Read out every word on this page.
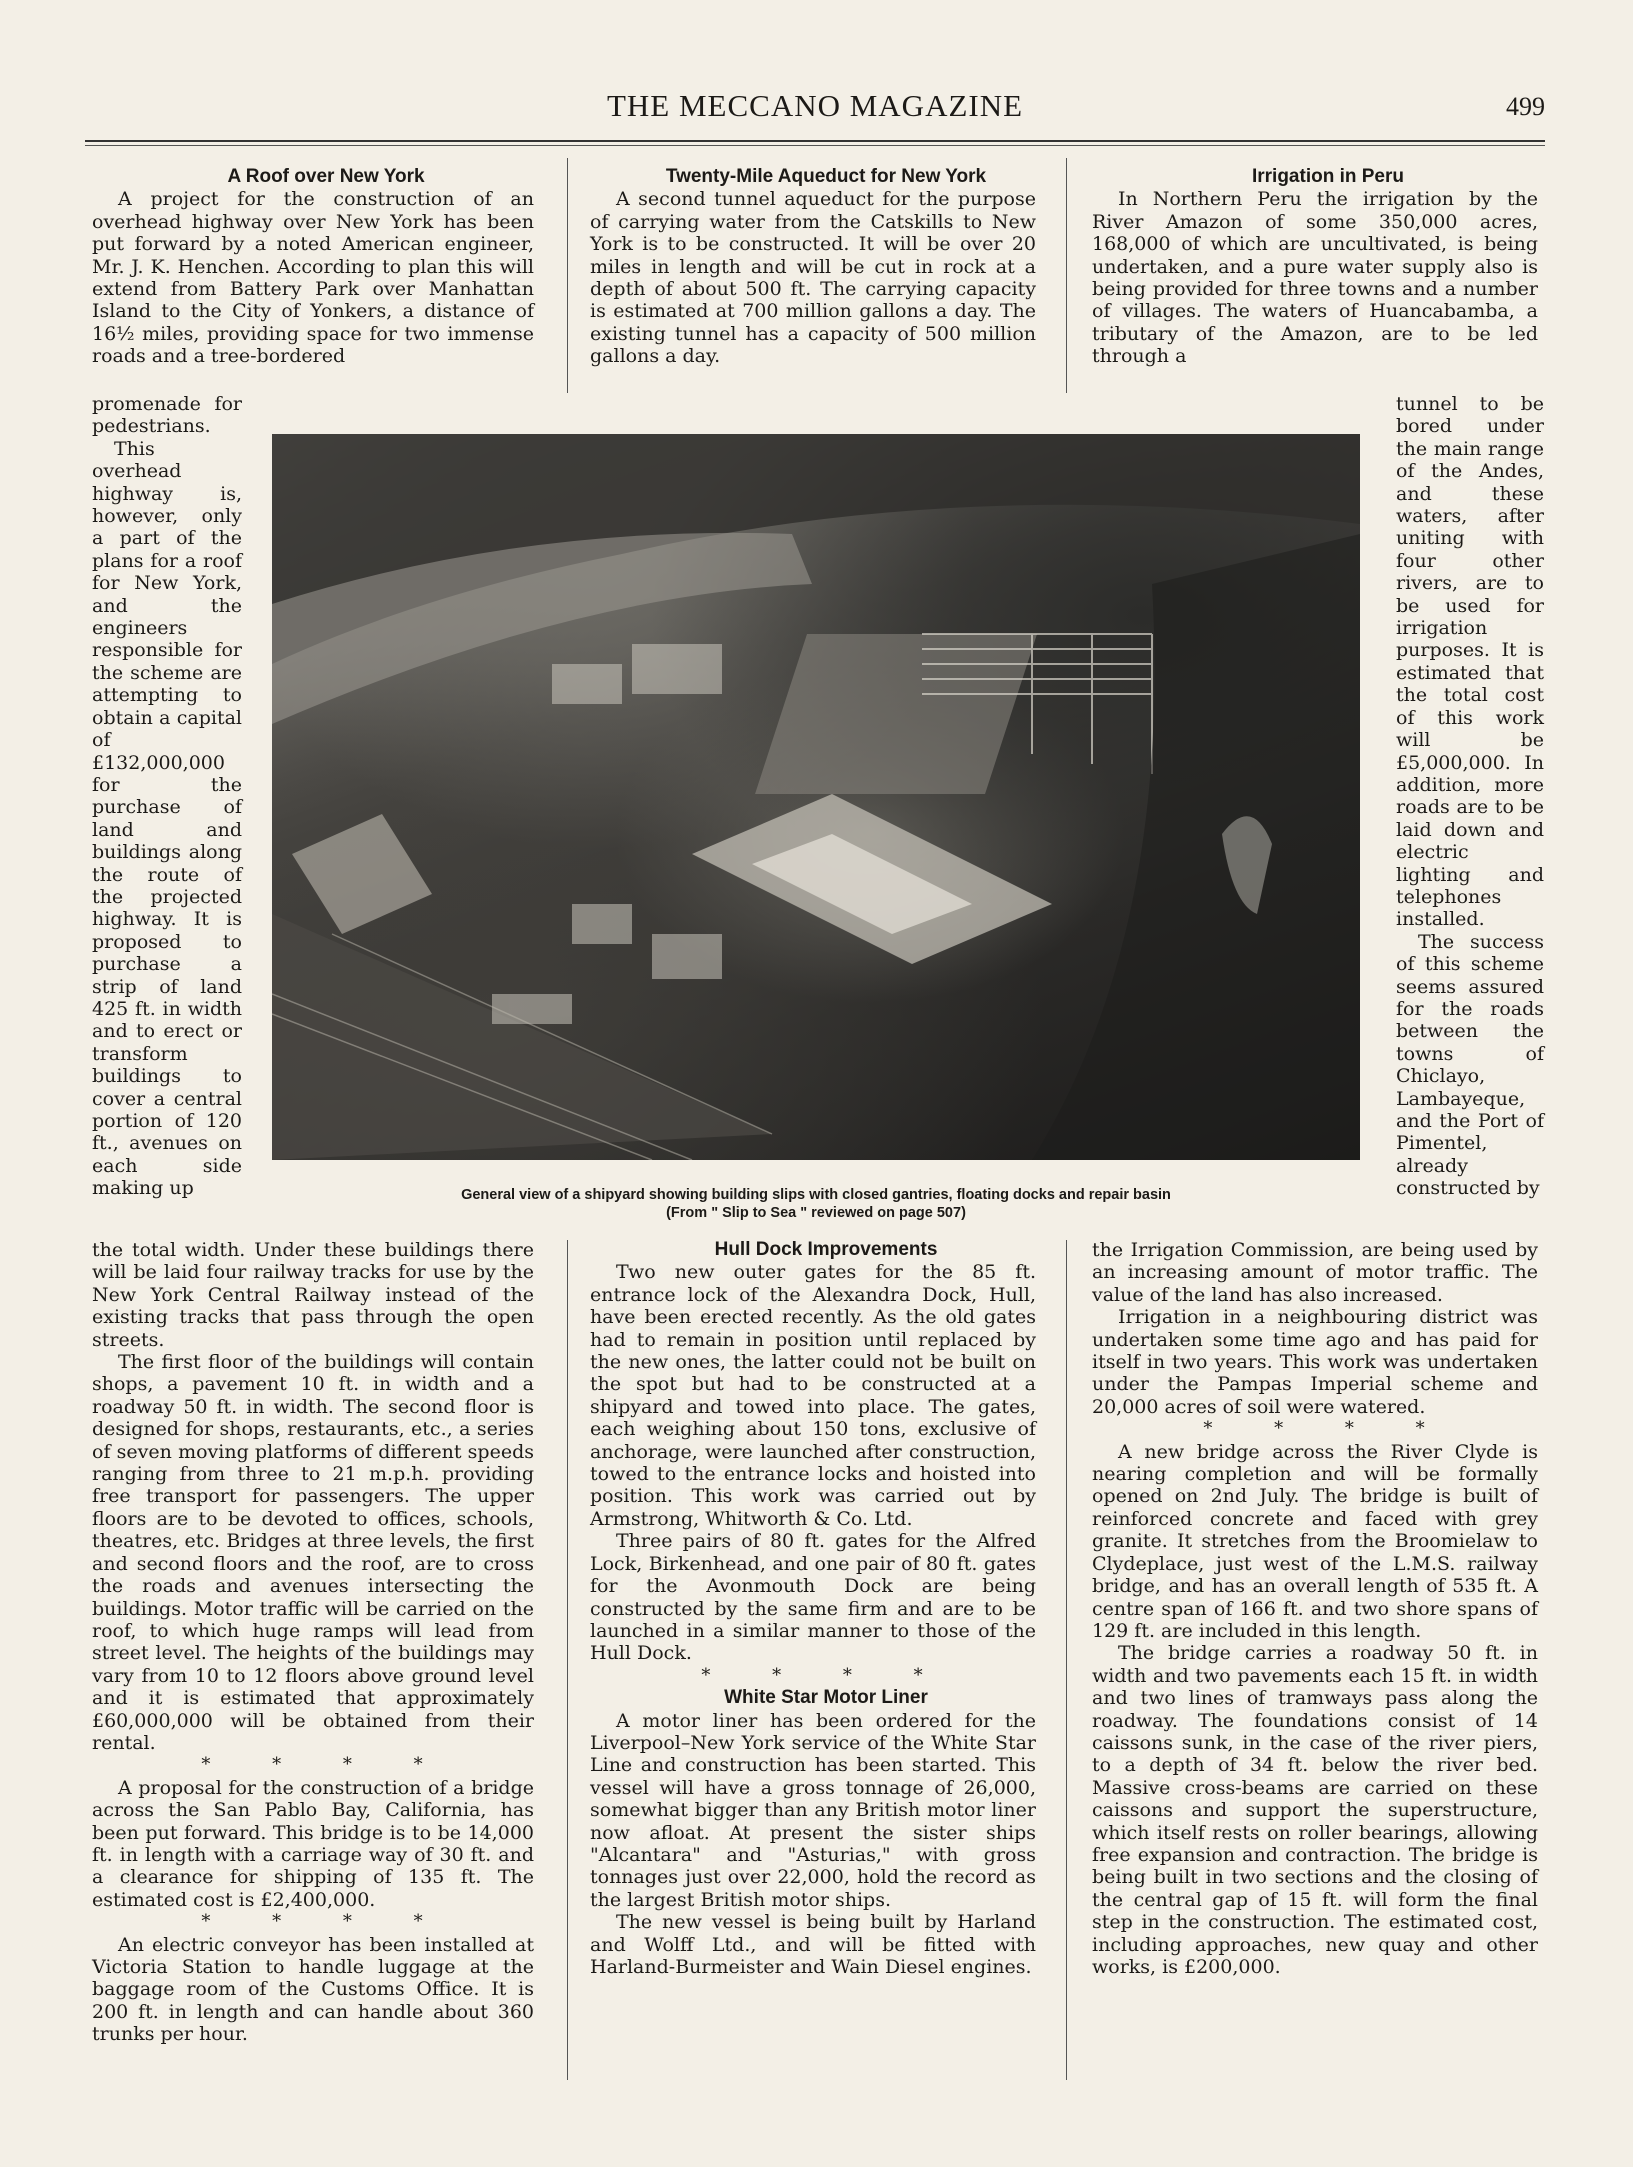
THE MECCANO MAGAZINE	499

A Roof over New York

A project for the construction of an overhead highway over New York has been put forward by a noted American engineer, Mr. J. K. Henchen. According to plan this will extend from Battery Park over Manhattan Island to the City of Yonkers, a distance of 16½ miles, providing space for two immense roads and a tree-bordered

promenade for pedestrians.

This overhead highway is, however, only a part of the plans for a roof for New York, and the engineers responsible for the scheme are attempting to obtain a capital of £132,000,000 for the purchase of land and buildings along the route of the projected highway. It is proposed to purchase a strip of land 425 ft. in width and to erect or transform buildings to cover a central portion of 120 ft., avenues on each side making up

the total width. Under these buildings there will be laid four railway tracks for use by the New York Central Railway instead of the existing tracks that pass through the open streets.

The first floor of the buildings will contain shops, a pavement 10 ft. in width and a roadway 50 ft. in width. The second floor is designed for shops, restaurants, etc., a series of seven moving platforms of different speeds ranging from three to 21 m.p.h. providing free transport for passengers. The upper floors are to be devoted to offices, schools, theatres, etc. Bridges at three levels, the first and second floors and the roof, are to cross the roads and avenues intersecting the buildings. Motor traffic will be carried on the roof, to which huge ramps will lead from street level. The heights of the buildings may vary from 10 to 12 floors above ground level and it is estimated that approximately £60,000,000 will be obtained from their rental.

* * * *

A proposal for the construction of a bridge across the San Pablo Bay, California, has been put forward. This bridge is to be 14,000 ft. in length with a carriage way of 30 ft. and a clearance for shipping of 135 ft. The estimated cost is £2,400,000.

* * * *

An electric conveyor has been installed at Victoria Station to handle luggage at the baggage room of the Customs Office. It is 200 ft. in length and can handle about 360 trunks per hour.

Twenty-Mile Aqueduct for New York

A second tunnel aqueduct for the purpose of carrying water from the Catskills to New York is to be constructed. It will be over 20 miles in length and will be cut in rock at a depth of about 500 ft. The carrying capacity is estimated at 700 million gallons a day. The existing tunnel has a capacity of 500 million gallons a day.

Irrigation in Peru

In Northern Peru the irrigation by the River Amazon of some 350,000 acres, 168,000 of which are uncultivated, is being undertaken, and a pure water supply also is being provided for three towns and a number of villages. The waters of Huancabamba, a tributary of the Amazon, are to be led through a

tunnel to be bored under the main range of the Andes, and these waters, after uniting with four other rivers, are to be used for irrigation purposes. It is estimated that the total cost of this work will be £5,000,000. In addition, more roads are to be laid down and electric lighting and telephones installed.

The success of this scheme seems assured for the roads between the towns of Chiclayo, Lambayeque, and the Port of Pimentel, already constructed by

the Irrigation Commission, are being used by an increasing amount of motor traffic. The value of the land has also increased.

Irrigation in a neighbouring district was undertaken some time ago and has paid for itself in two years. This work was undertaken under the Pampas Imperial scheme and 20,000 acres of soil were watered.

* * * *

A new bridge across the River Clyde is nearing completion and will be formally opened on 2nd July. The bridge is built of reinforced concrete and faced with grey granite. It stretches from the Broomielaw to Clydeplace, just west of the L.M.S. railway bridge, and has an overall length of 535 ft. A centre span of 166 ft. and two shore spans of 129 ft. are included in this length.

The bridge carries a roadway 50 ft. in width and two pavements each 15 ft. in width and two lines of tramways pass along the roadway. The foundations consist of 14 caissons sunk, in the case of the river piers, to a depth of 34 ft. below the river bed. Massive cross-beams are carried on these caissons and support the superstructure, which itself rests on roller bearings, allowing free expansion and contraction. The bridge is being built in two sections and the closing of the central gap of 15 ft. will form the final step in the construction. The estimated cost, including approaches, new quay and other works, is £200,000.

General view of a shipyard showing building slips with closed gantries, floating docks and repair basin
(From " Slip to Sea " reviewed on page 507)

Hull Dock Improvements

Two new outer gates for the 85 ft. entrance lock of the Alexandra Dock, Hull, have been erected recently. As the old gates had to remain in position until replaced by the new ones, the latter could not be built on the spot but had to be constructed at a shipyard and towed into place. The gates, each weighing about 150 tons, exclusive of anchorage, were launched after construction, towed to the entrance locks and hoisted into position. This work was carried out by Armstrong, Whitworth & Co. Ltd.

Three pairs of 80 ft. gates for the Alfred Lock, Birkenhead, and one pair of 80 ft. gates for the Avonmouth Dock are being constructed by the same firm and are to be launched in a similar manner to those of the Hull Dock.

* * * *

White Star Motor Liner

A motor liner has been ordered for the Liverpool–New York service of the White Star Line and construction has been started. This vessel will have a gross tonnage of 26,000, somewhat bigger than any British motor liner now afloat. At present the sister ships "Alcantara" and "Asturias," with gross tonnages just over 22,000, hold the record as the largest British motor ships.

The new vessel is being built by Harland and Wolff Ltd., and will be fitted with Harland-Burmeister and Wain Diesel engines.
